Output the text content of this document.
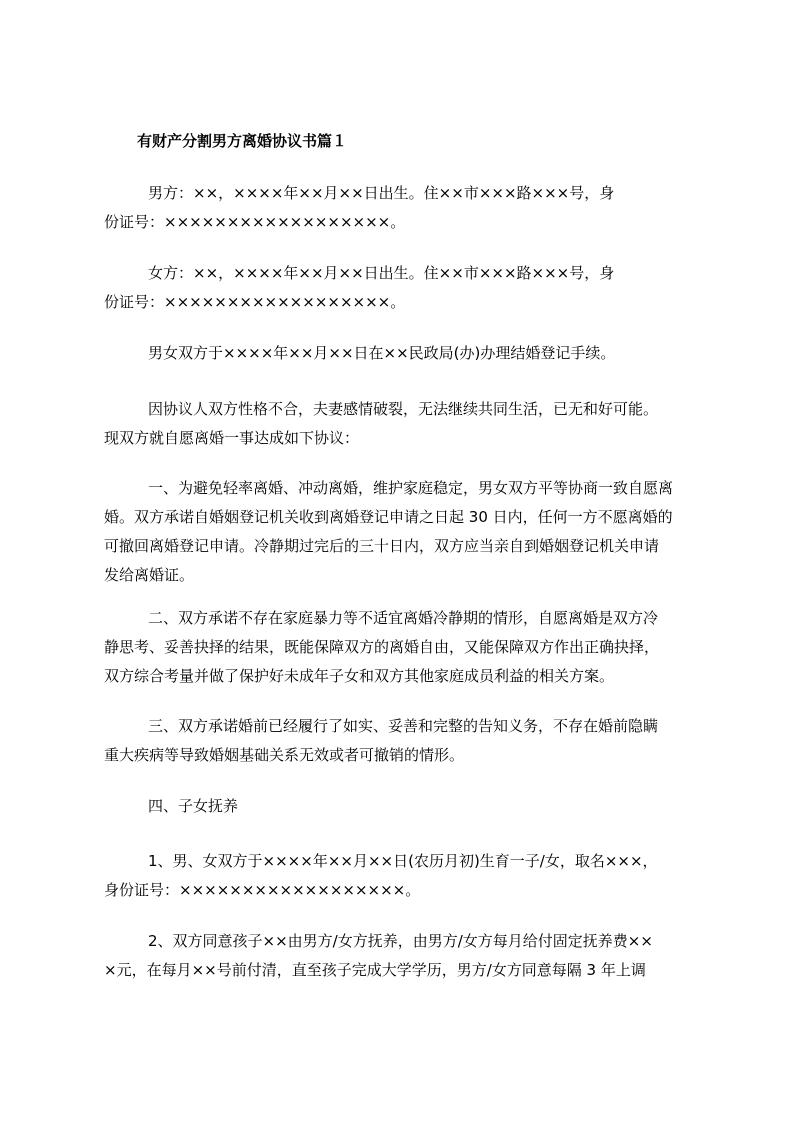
有财产分割男方离婚协议书篇１
男方：××，××××年××月××日出生。住××市×××路×××号，身
份证号：××××××××××××××××××。
女方：××，××××年××月××日出生。住××市×××路×××号，身
份证号：××××××××××××××××××。
男女双方于××××年××月××日在××民政局(办)办理结婚登记手续。
因协议人双方性格不合，夫妻感情破裂，无法继续共同生活，已无和好可能。
现双方就自愿离婚一事达成如下协议：
一、为避免轻率离婚、冲动离婚，维护家庭稳定，男女双方平等协商一致自愿离
婚。双方承诺自婚姻登记机关收到离婚登记申请之日起 30 日内，任何一方不愿离婚的
可撤回离婚登记申请。冷静期过完后的三十日内，双方应当亲自到婚姻登记机关申请
发给离婚证。
二、双方承诺不存在家庭暴力等不适宜离婚冷静期的情形，自愿离婚是双方冷
静思考、妥善抉择的结果，既能保障双方的离婚自由，又能保障双方作出正确抉择，
双方综合考量并做了保护好未成年子女和双方其他家庭成员利益的相关方案。
三、双方承诺婚前已经履行了如实、妥善和完整的告知义务，不存在婚前隐瞒
重大疾病等导致婚姻基础关系无效或者可撤销的情形。
四、子女抚养
1、男、女双方于××××年××月××日(农历月初)生育一子/女，取名×××，
身份证号：××××××××××××××××××。
2、双方同意孩子××由男方/女方抚养，由男方/女方每月给付固定抚养费××
×元，在每月××号前付清，直至孩子完成大学学历，男方/女方同意每隔 3 年上调
